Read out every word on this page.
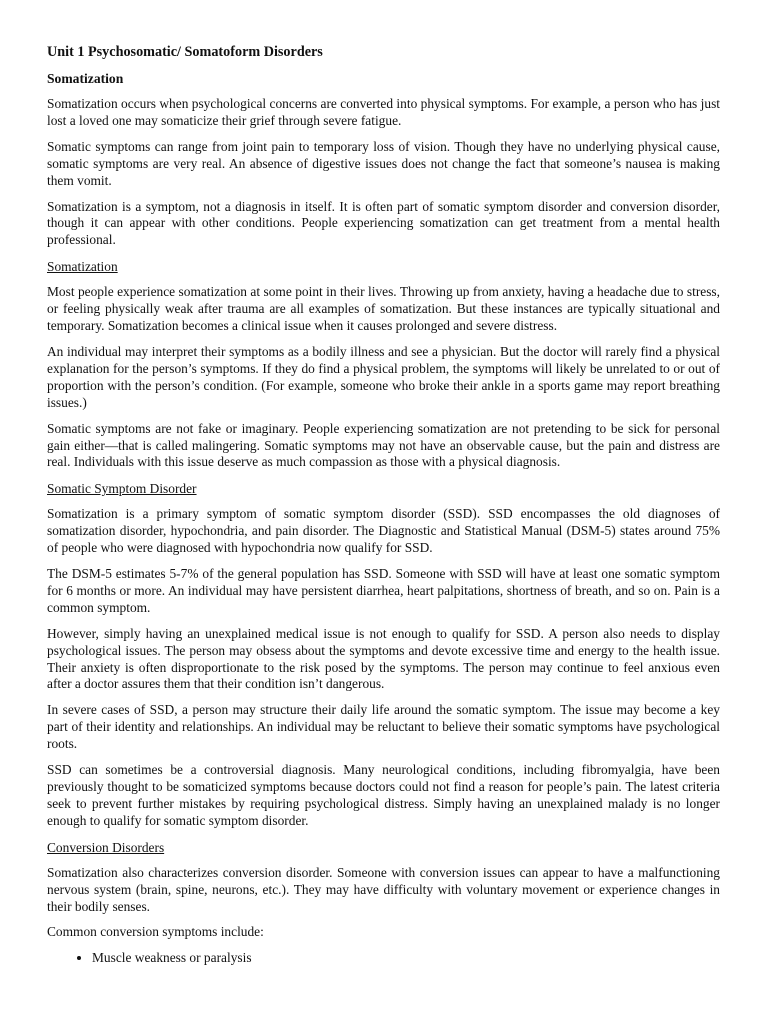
Unit 1 Psychosomatic/ Somatoform Disorders
Somatization

Somatization occurs when psychological concerns are converted into physical symptoms. For example, a person who has just lost a loved one may somaticize their grief through severe fatigue.

Somatic symptoms can range from joint pain to temporary loss of vision. Though they have no underlying physical cause, somatic symptoms are very real. An absence of digestive issues does not change the fact that someone’s nausea is making them vomit.

Somatization is a symptom, not a diagnosis in itself. It is often part of somatic symptom disorder and conversion disorder, though it can appear with other conditions. People experiencing somatization can get treatment from a mental health professional.

Somatization

Most people experience somatization at some point in their lives. Throwing up from anxiety, having a headache due to stress, or feeling physically weak after trauma are all examples of somatization. But these instances are typically situational and temporary. Somatization becomes a clinical issue when it causes prolonged and severe distress.

An individual may interpret their symptoms as a bodily illness and see a physician. But the doctor will rarely find a physical explanation for the person’s symptoms. If they do find a physical problem, the symptoms will likely be unrelated to or out of proportion with the person’s condition. (For example, someone who broke their ankle in a sports game may report breathing issues.)

Somatic symptoms are not fake or imaginary. People experiencing somatization are not pretending to be sick for personal gain either—that is called malingering. Somatic symptoms may not have an observable cause, but the pain and distress are real. Individuals with this issue deserve as much compassion as those with a physical diagnosis.

Somatic Symptom Disorder

Somatization is a primary symptom of somatic symptom disorder (SSD). SSD encompasses the old diagnoses of somatization disorder, hypochondria, and pain disorder. The Diagnostic and Statistical Manual (DSM-5) states around 75% of people who were diagnosed with hypochondria now qualify for SSD.

The DSM-5 estimates 5-7% of the general population has SSD. Someone with SSD will have at least one somatic symptom for 6 months or more. An individual may have persistent diarrhea, heart palpitations, shortness of breath, and so on. Pain is a common symptom.

However, simply having an unexplained medical issue is not enough to qualify for SSD. A person also needs to display psychological issues. The person may obsess about the symptoms and devote excessive time and energy to the health issue. Their anxiety is often disproportionate to the risk posed by the symptoms. The person may continue to feel anxious even after a doctor assures them that their condition isn’t dangerous.

In severe cases of SSD, a person may structure their daily life around the somatic symptom. The issue may become a key part of their identity and relationships. An individual may be reluctant to believe their somatic symptoms have psychological roots.

SSD can sometimes be a controversial diagnosis. Many neurological conditions, including fibromyalgia, have been previously thought to be somaticized symptoms because doctors could not find a reason for people’s pain. The latest criteria seek to prevent further mistakes by requiring psychological distress. Simply having an unexplained malady is no longer enough to qualify for somatic symptom disorder.

Conversion Disorders

Somatization also characterizes conversion disorder. Someone with conversion issues can appear to have a malfunctioning nervous system (brain, spine, neurons, etc.). They may have difficulty with voluntary movement or experience changes in their bodily senses.

Common conversion symptoms include:

• Muscle weakness or paralysis
